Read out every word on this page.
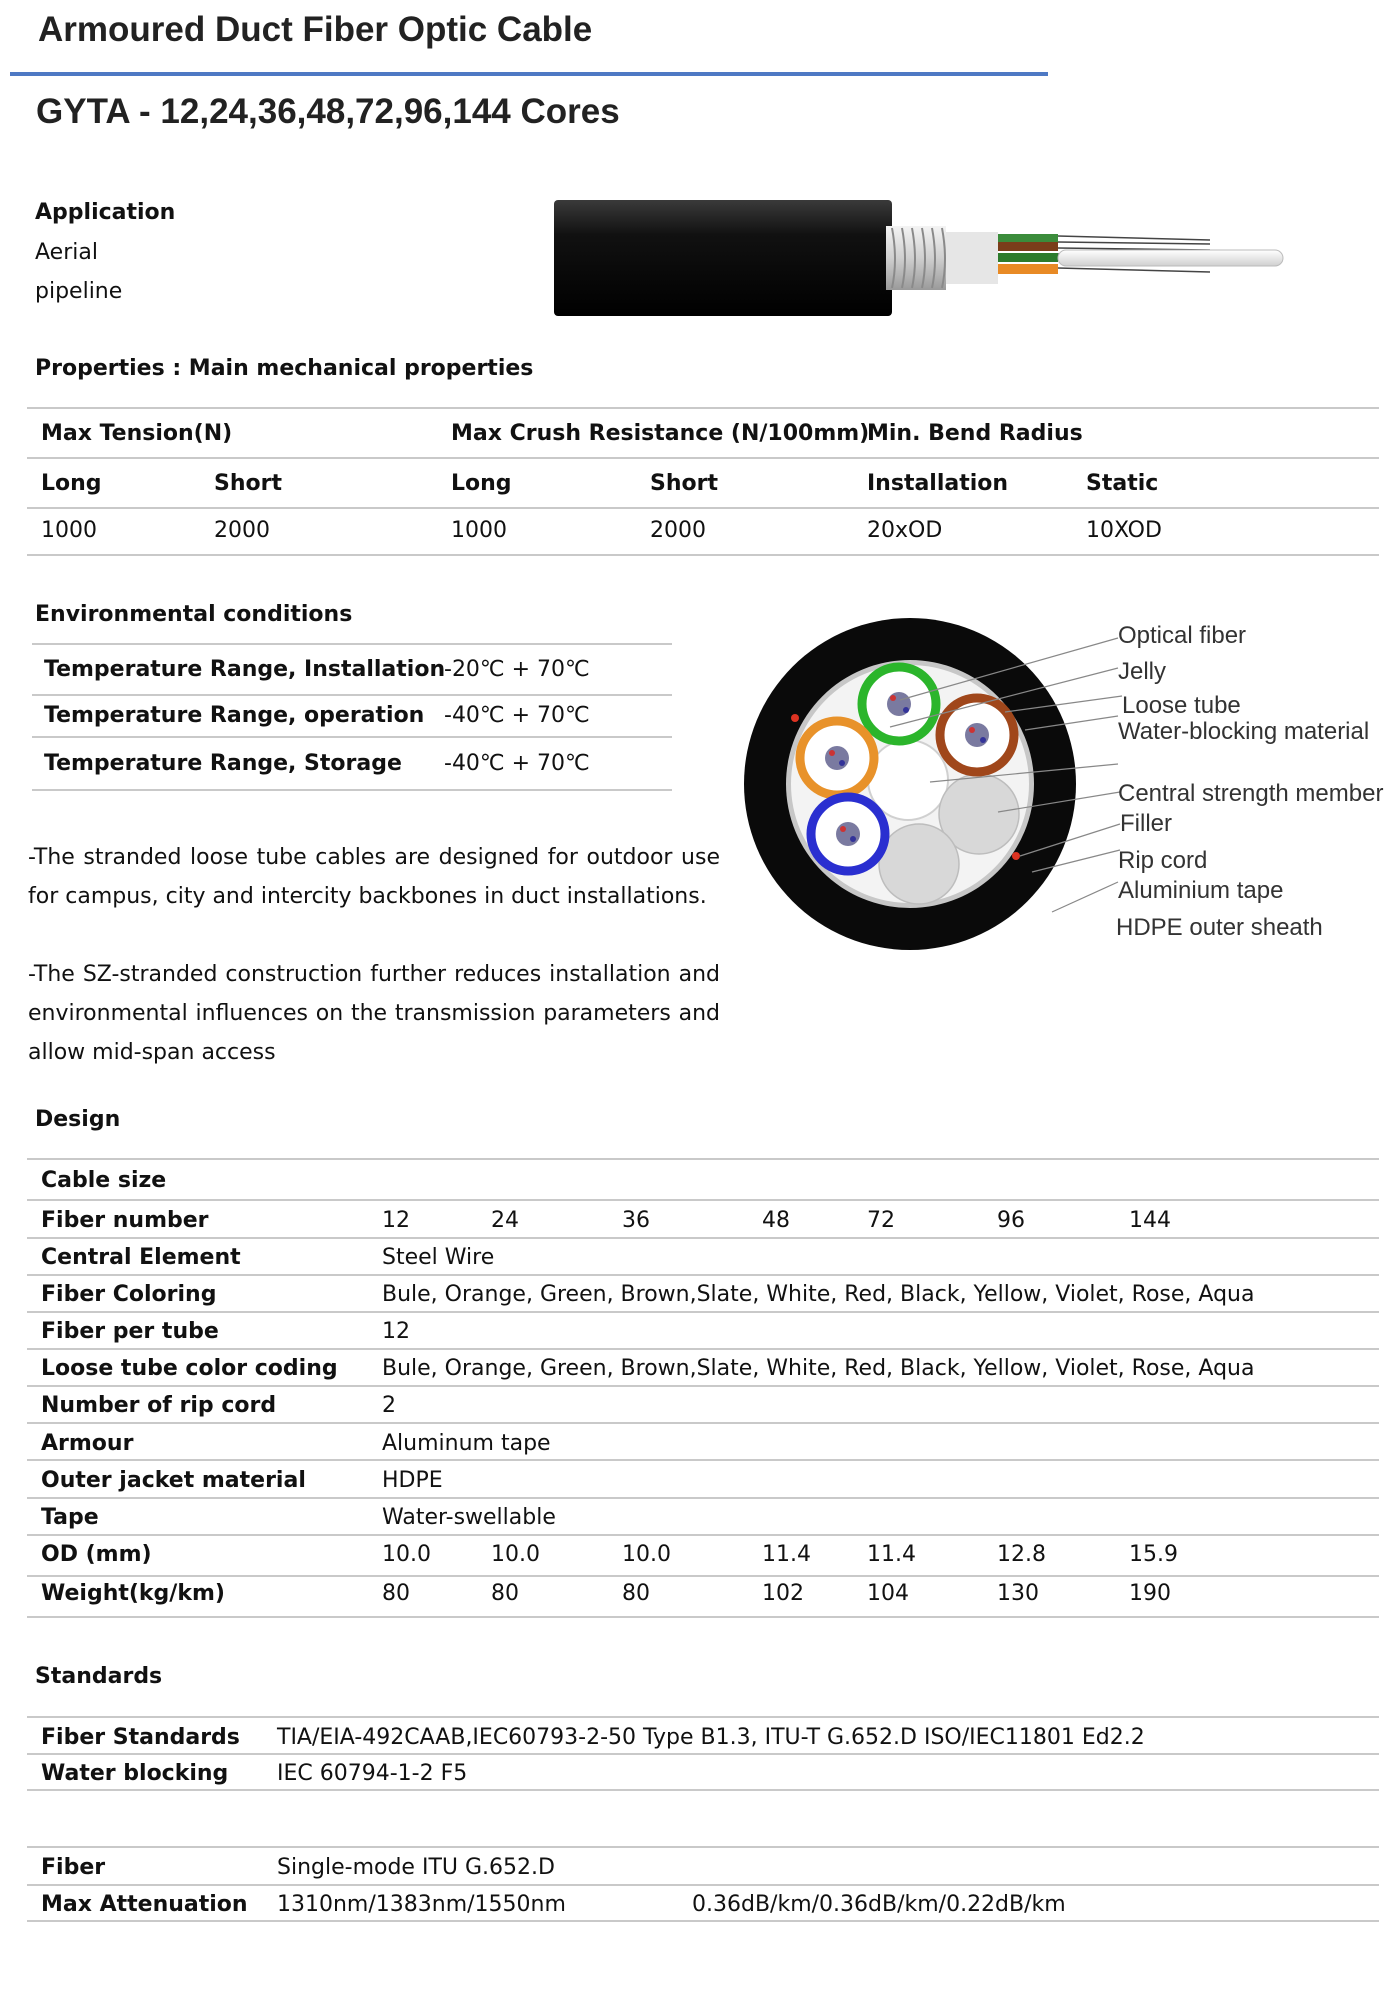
Armoured Duct Fiber Optic Cable
GYTA - 12,24,36,48,72,96,144 Cores
Application
Aerial
pipeline
Properties : Main mechanical properties
Max Tension(N)	Max Crush Resistance (N/100mm)
Min. Bend Radius
Long	Short	Long	Short	Installation	Static
1000	2000	1000	2000	20xOD	10XOD
Environmental conditions
Temperature Range, Installation
-20℃ + 70℃
Temperature Range, operation -40℃ + 70℃
Temperature Range, Storage -40℃ + 70℃
-The stranded loose tube cables are designed for outdoor use for campus, city and intercity backbones in duct installations.
-The SZ-stranded construction further reduces installation and environmental influences on the transmission parameters and allow mid-span access
Optical fiber
Jelly
Loose tube
Water-blocking material
Central strength member
Filler
Rip cord
Aluminium tape
HDPE outer sheath
Design
Cable size
Fiber number	12	24	36	48	72	96	144
Central Element	Steel Wire
Fiber Coloring	Bule, Orange, Green, Brown,Slate, White, Red, Black, Yellow, Violet, Rose, Aqua
Fiber per tube	12
Loose tube color coding Bule, Orange, Green, Brown,Slate, White, Red, Black, Yellow, Violet, Rose, Aqua
Number of rip cord	2
Armour	Aluminum tape
Outer jacket material	HDPE
Tape	Water-swellable
OD (mm)	10.0	10.0	10.0	11.4	11.4	12.8	15.9
Weight(kg/km)	80	80	80	102	104	130	190
Standards
Fiber Standards TIA/EIA-492CAAB,IEC60793-2-50 Type B1.3, ITU-T G.652.D ISO/IEC11801 Ed2.2
Water blocking IEC 60794-1-2 F5
Fiber	Single-mode ITU G.652.D
Max Attenuation 1310nm/1383nm/1550nm	0.36dB/km/0.36dB/km/0.22dB/km
